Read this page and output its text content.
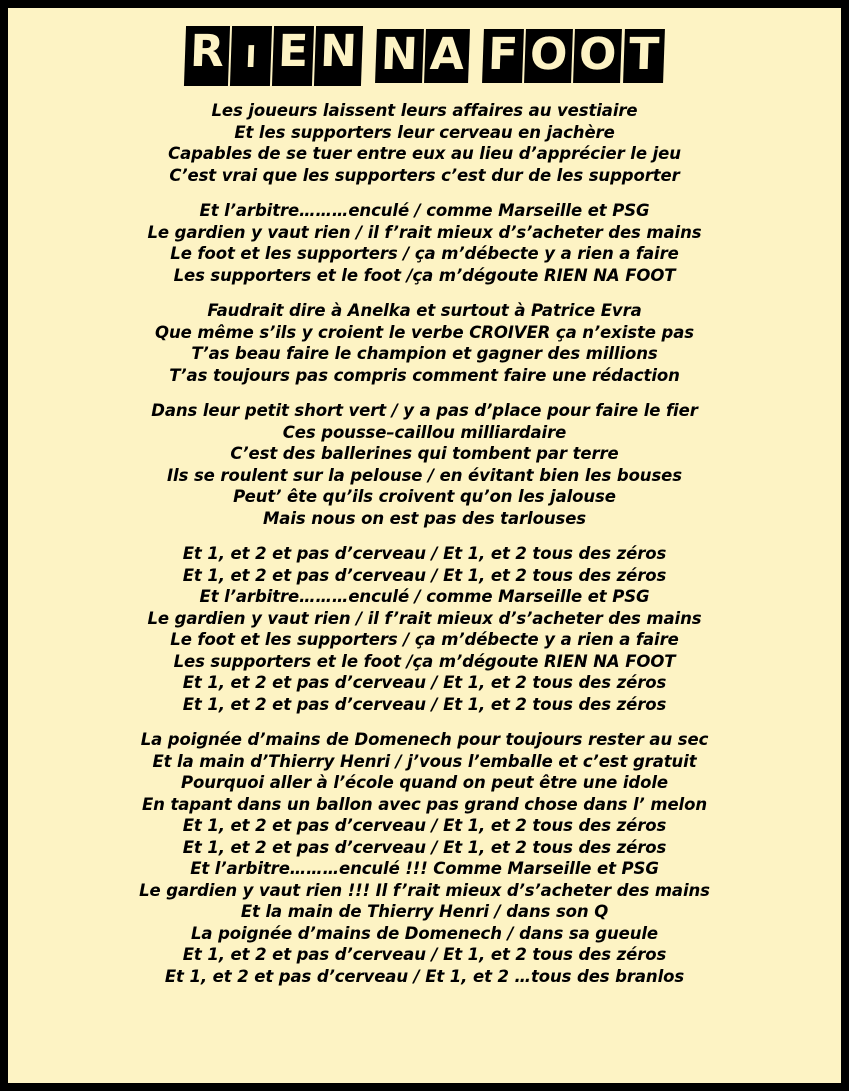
R I E N N A F O O T
Les joueurs laissent leurs affaires au vestiaire
Et les supporters leur cerveau en jachère
Capables de se tuer entre eux au lieu d’apprécier le jeu
C’est vrai que les supporters c’est dur de les supporter
Et l’arbitre………enculé / comme Marseille et PSG
Le gardien y vaut rien / il f’rait mieux d’s’acheter des mains
Le foot et les supporters / ça m’débecte y a rien a faire
Les supporters et le foot /ça m’dégoute RIEN NA FOOT
Faudrait dire à Anelka et surtout à Patrice Evra
Que même s’ils y croient le verbe CROIVER ça n’existe pas
T’as beau faire le champion et gagner des millions
T’as toujours pas compris comment faire une rédaction
Dans leur petit short vert / y a pas d’place pour faire le fier
Ces pousse–caillou milliardaire
C’est des ballerines qui tombent par terre
Ils se roulent sur la pelouse / en évitant bien les bouses
Peut’ ête qu’ils croivent qu’on les jalouse
Mais nous on est pas des tarlouses
Et 1, et 2 et pas d’cerveau / Et 1, et 2 tous des zéros
Et 1, et 2 et pas d’cerveau / Et 1, et 2 tous des zéros
Et l’arbitre………enculé / comme Marseille et PSG
Le gardien y vaut rien / il f’rait mieux d’s’acheter des mains
Le foot et les supporters / ça m’débecte y a rien a faire
Les supporters et le foot /ça m’dégoute RIEN NA FOOT
Et 1, et 2 et pas d’cerveau / Et 1, et 2 tous des zéros
Et 1, et 2 et pas d’cerveau / Et 1, et 2 tous des zéros
La poignée d’mains de Domenech pour toujours rester au sec
Et la main d’Thierry Henri / j’vous l’emballe et c’est gratuit
Pourquoi aller à l’école quand on peut être une idole
En tapant dans un ballon avec pas grand chose dans l’ melon
Et 1, et 2 et pas d’cerveau / Et 1, et 2 tous des zéros
Et 1, et 2 et pas d’cerveau / Et 1, et 2 tous des zéros
Et l’arbitre………enculé !!! Comme Marseille et PSG
Le gardien y vaut rien !!! Il f’rait mieux d’s’acheter des mains
Et la main de Thierry Henri / dans son Q
La poignée d’mains de Domenech / dans sa gueule
Et 1, et 2 et pas d’cerveau / Et 1, et 2 tous des zéros
Et 1, et 2 et pas d’cerveau / Et 1, et 2 …tous des branlos
